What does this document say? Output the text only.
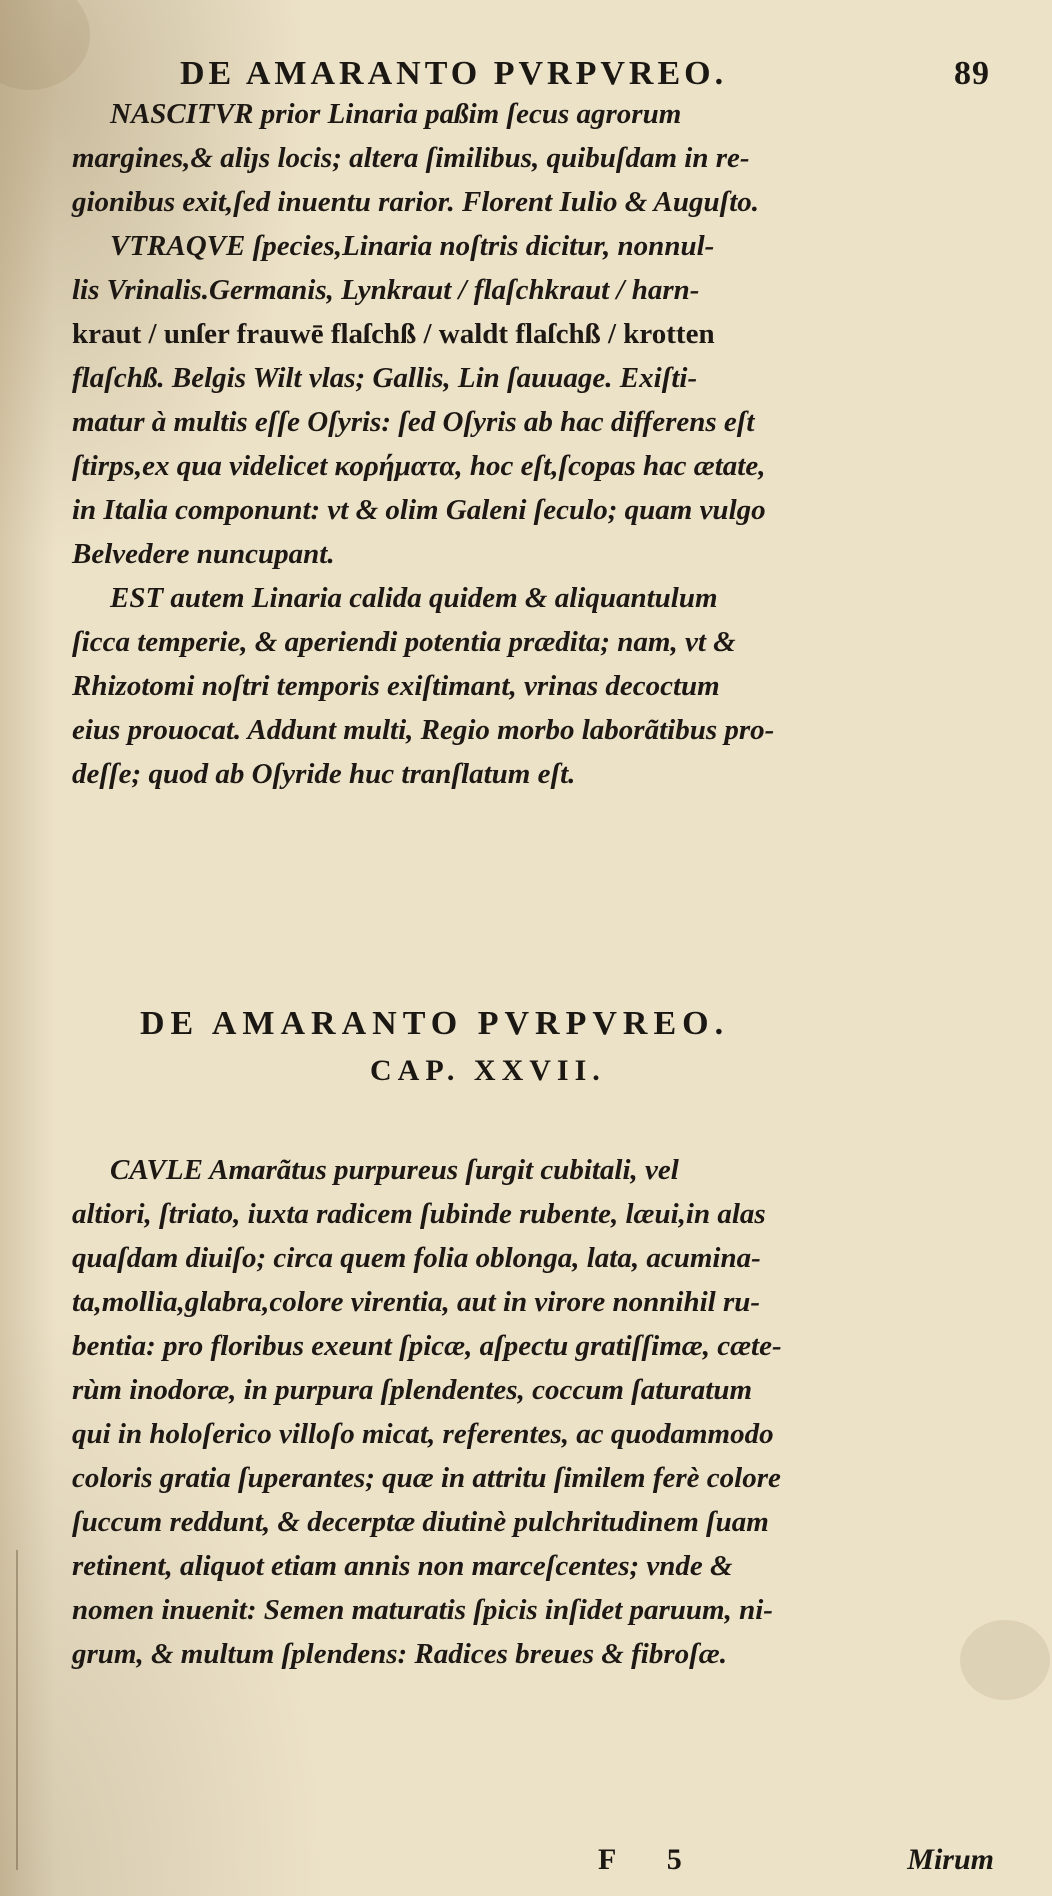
DE AMARANTO PVRPVREO.	89
NASCITVR prior Linaria paßim ſecus agrorum
margines,& aliȷs locis; altera ſimilibus, quibuſdam in re-
gionibus exit,ſed inuentu rarior. Florent Iulio & Auguſto.
VTRAQVE ſpecies,Linaria noſtris dicitur, nonnul-
lis Vrinalis.Germanis, Lynkraut / flaſchkraut / harn-
kraut / unſer frauwē flaſchß / waldt flaſchß / krotten
flaſchß. Belgis Wilt vlas; Gallis, Lin ſauuage. Exiſti-
matur à multis eſſe Oſyris: ſed Oſyris ab hac differens eſt
ſtirps,ex qua videlicet κορήματα, hoc eſt,ſcopas hac ætate,
in Italia componunt: vt & olim Galeni ſeculo; quam vulgo
Belvedere nuncupant.
EST autem Linaria calida quidem & aliquantulum
ſicca temperie, & aperiendi potentia prædita; nam, vt &
Rhizotomi noſtri temporis exiſtimant, vrinas decoctum
eius prouocat. Addunt multi, Regio morbo laborãtibus pro-
deſſe; quod ab Oſyride huc tranſlatum eſt.
DE AMARANTO PVRPVREO.
CAP. XXVII.
CAVLE Amarãtus purpureus ſurgit cubitali, vel
altiori, ſtriato, iuxta radicem ſubinde rubente, læui,in alas
quaſdam diuiſo; circa quem folia oblonga, lata, acumina-
ta,mollia,glabra,colore virentia, aut in virore nonnihil ru-
bentia: pro floribus exeunt ſpicæ, aſpectu gratiſſimæ, cæte-
rùm inodoræ, in purpura ſplendentes, coccum ſaturatum
qui in holoſerico villoſo micat, referentes, ac quodammodo
coloris gratia ſuperantes; quæ in attritu ſimilem ferè colore
ſuccum reddunt, & decerptæ diutinè pulchritudinem ſuam
retinent, aliquot etiam annis non marceſcentes; vnde &
nomen inuenit: Semen maturatis ſpicis inſidet paruum, ni-
grum, & multum ſplendens: Radices breues & fibroſæ.
F 5	Mirum
